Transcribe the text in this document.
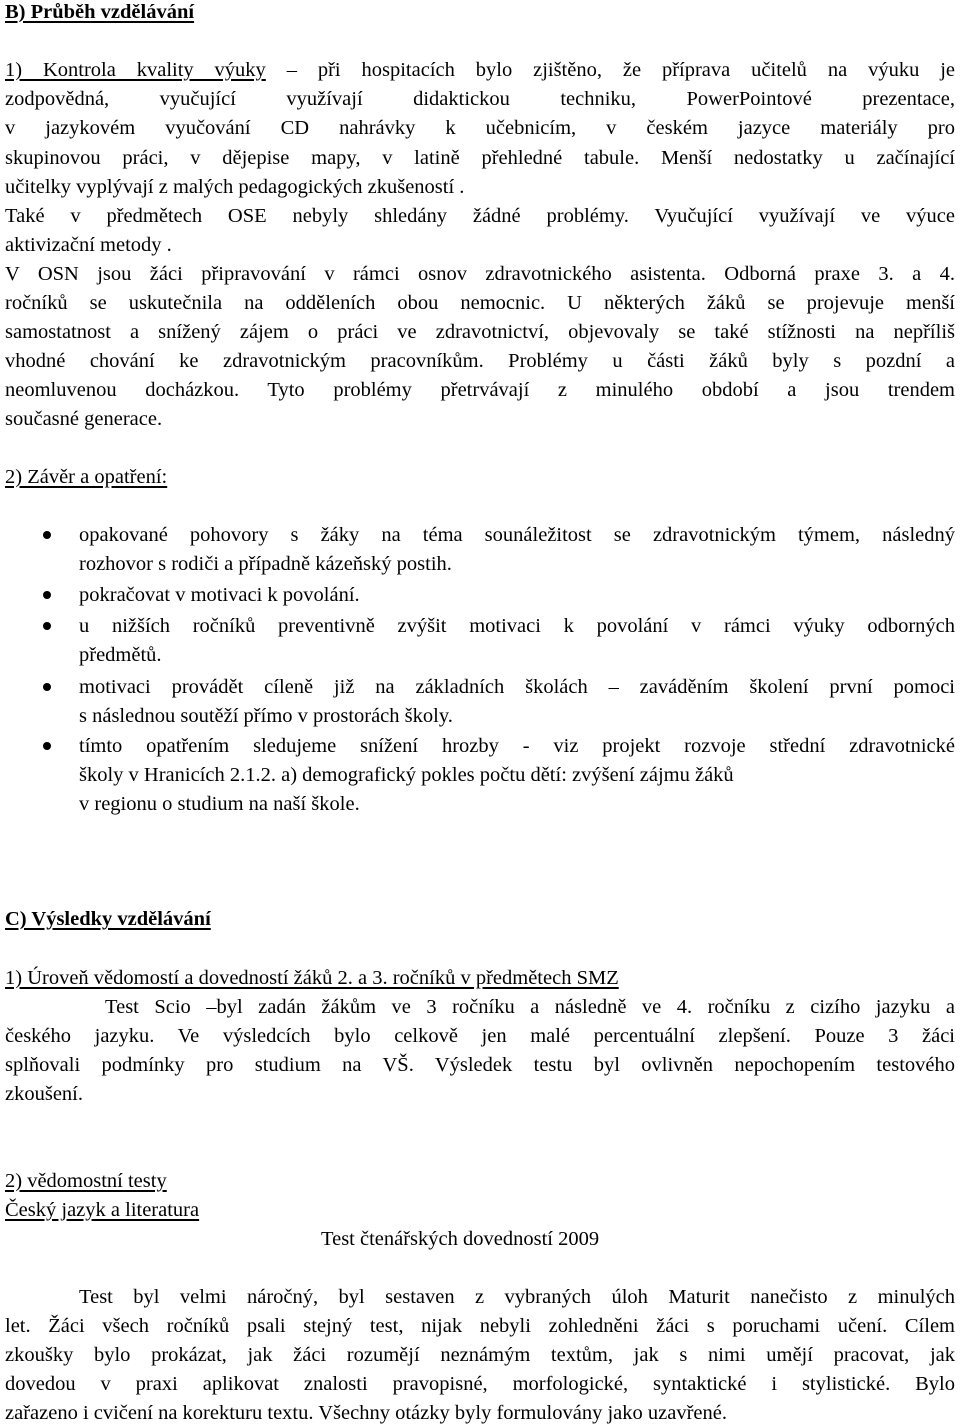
B) Průběh vzdělávání
1) Kontrola kvality výuky – při hospitacích bylo zjištěno, že příprava učitelů na výuku je
zodpovědná, vyučující využívají didaktickou techniku, PowerPointové prezentace,
v jazykovém vyučování CD nahrávky k učebnicím, v českém jazyce materiály pro
skupinovou práci, v dějepise mapy, v latině přehledné tabule. Menší nedostatky u začínající
učitelky vyplývají z malých pedagogických zkušeností .
Také v předmětech OSE nebyly shledány žádné problémy. Vyučující využívají ve výuce
aktivizační metody .
V OSN jsou žáci připravování v rámci osnov zdravotnického asistenta. Odborná praxe 3. a 4.
ročníků se uskutečnila na odděleních obou nemocnic. U některých žáků se projevuje menší
samostatnost a snížený zájem o práci ve zdravotnictví, objevovaly se také stížnosti na nepříliš
vhodné chování ke zdravotnickým pracovníkům. Problémy u části žáků byly s pozdní a
neomluvenou docházkou. Tyto problémy přetrvávají z minulého období a jsou trendem
současné generace.
2) Závěr a opatření:
opakované pohovory s žáky na téma sounáležitost se zdravotnickým týmem, následný
rozhovor s rodiči a případně kázeňský postih.
pokračovat v motivaci k povolání.
u nižších ročníků preventivně zvýšit motivaci k povolání v rámci výuky odborných
předmětů.
motivaci provádět cíleně již na základních školách – zaváděním školení první pomoci
s následnou soutěží přímo v prostorách školy.
tímto opatřením sledujeme snížení hrozby - viz projekt rozvoje střední zdravotnické
školy v Hranicích 2.1.2. a) demografický pokles počtu dětí: zvýšení zájmu žáků
v regionu o studium na naší škole.
C) Výsledky vzdělávání
1) Úroveň vědomostí a dovedností žáků 2. a 3. ročníků v předmětech SMZ
Test Scio –byl zadán žákům ve 3 ročníku a následně ve 4. ročníku z cizího jazyku a
českého jazyku. Ve výsledcích bylo celkově jen malé percentuální zlepšení. Pouze 3 žáci
splňovali podmínky pro studium na VŠ. Výsledek testu byl ovlivněn nepochopením testového
zkoušení.
2) vědomostní testy
Český jazyk a literatura
Test čtenářských dovedností 2009
Test byl velmi náročný, byl sestaven z vybraných úloh Maturit nanečisto z minulých
let. Žáci všech ročníků psali stejný test, nijak nebyli zohledněni žáci s poruchami učení. Cílem
zkoušky bylo prokázat, jak žáci rozumějí neznámým textům, jak s nimi umějí pracovat, jak
dovedou v praxi aplikovat znalosti pravopisné, morfologické, syntaktické i stylistické. Bylo
zařazeno i cvičení na korekturu textu. Všechny otázky byly formulovány jako uzavřené.
